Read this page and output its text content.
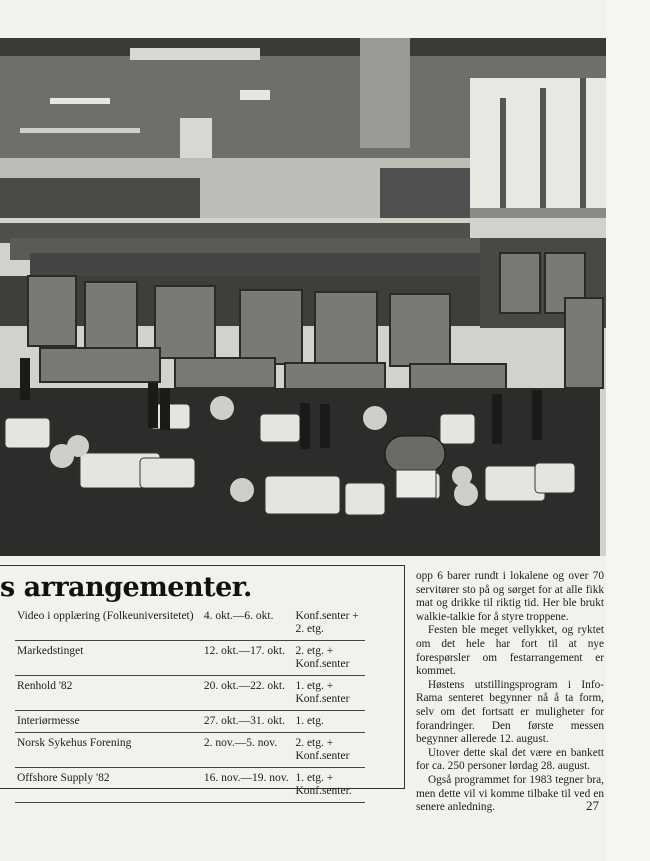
s arrangementer.
Video i opplæring (Folkeuniversitetet)	4. okt.—6. okt.	Konf.senter + 2. etg.
Markedstinget	12. okt.—17. okt.	2. etg. + Konf.senter
Renhold '82	20. okt.—22. okt.	1. etg. + Konf.senter
Interiørmesse	27. okt.—31. okt.	1. etg.
Norsk Sykehus Forening	2. nov.—5. nov.	2. etg. + Konf.senter
Offshore Supply '82	16. nov.—19. nov.	1. etg. + Konf.senter.

opp 6 barer rundt i lokalene og over 70 servitører sto på og sørget for at alle fikk mat og drikke til riktig tid. Her ble brukt walkie-talkie for å styre troppene.

Festen ble meget vellykket, og ryktet om det hele har fort til at nye forespørsler om festarrangement er kommet.

Høstens utstillingsprogram i Info-Rama senteret begynner nå å ta form, selv om det fortsatt er muligheter for forandringer. Den første messen begynner allerede 12. august.

Utover dette skal det være en bankett for ca. 250 personer lørdag 28. august.

Også programmet for 1983 tegner bra, men dette vil vi komme tilbake til ved en senere anledning.	27
